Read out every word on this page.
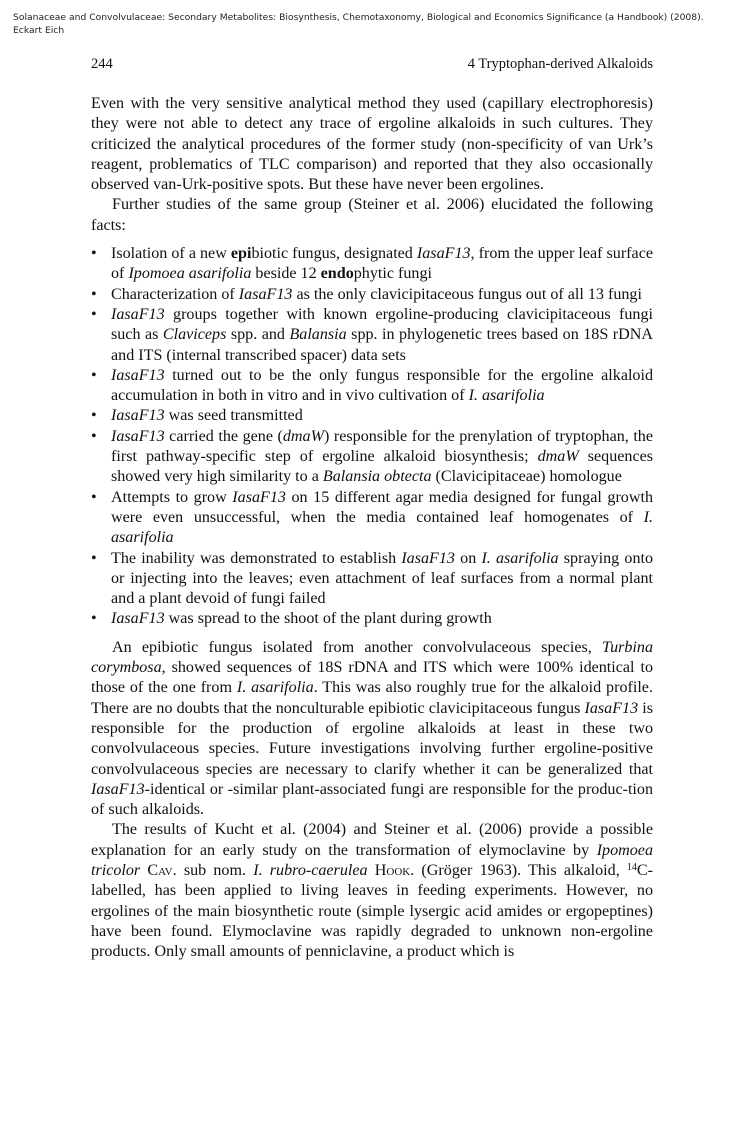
Solanaceae and Convolvulaceae: Secondary Metabolites: Biosynthesis, Chemotaxonomy, Biological and Economics Significance (a Handbook) (2008).
Eckart Eich
244	4 Tryptophan-derived Alkaloids

Even with the very sensitive analytical method they used (capillary electrophoresis) they were not able to detect any trace of ergoline alkaloids in such cultures. They criticized the analytical procedures of the former study (non-specificity of van Urk’s reagent, problematics of TLC comparison) and reported that they also occasionally observed van-Urk-positive spots. But these have never been ergolines.

Further studies of the same group (Steiner et al. 2006) elucidated the following facts:

• Isolation of a new epibiotic fungus, designated IasaF13, from the upper leaf surface of Ipomoea asarifolia beside 12 endophytic fungi
• Characterization of IasaF13 as the only clavicipitaceous fungus out of all 13 fungi
• IasaF13 groups together with known ergoline-producing clavicipitaceous fungi such as Claviceps spp. and Balansia spp. in phylogenetic trees based on 18S rDNA and ITS (internal transcribed spacer) data sets
• IasaF13 turned out to be the only fungus responsible for the ergoline alkaloid accumulation in both in vitro and in vivo cultivation of I. asarifolia
• IasaF13 was seed transmitted
• IasaF13 carried the gene (dmaW) responsible for the prenylation of tryptophan, the first pathway-specific step of ergoline alkaloid biosynthesis; dmaW sequences showed very high similarity to a Balansia obtecta (Clavicipitaceae) homologue
• Attempts to grow IasaF13 on 15 different agar media designed for fungal growth were even unsuccessful, when the media contained leaf homogenates of I. asarifolia
• The inability was demonstrated to establish IasaF13 on I. asarifolia spraying onto or injecting into the leaves; even attachment of leaf surfaces from a normal plant and a plant devoid of fungi failed
• IasaF13 was spread to the shoot of the plant during growth

An epibiotic fungus isolated from another convolvulaceous species, Turbina corymbosa, showed sequences of 18S rDNA and ITS which were 100% identical to those of the one from I. asarifolia. This was also roughly true for the alkaloid profile. There are no doubts that the nonculturable epibiotic clavicipitaceous fungus IasaF13 is responsible for the production of ergoline alkaloids at least in these two convolvulaceous species. Future investigations involving further ergoline-positive convolvulaceous species are necessary to clarify whether it can be generalized that IasaF13-identical or -similar plant-associated fungi are responsible for the produc-tion of such alkaloids.

The results of Kucht et al. (2004) and Steiner et al. (2006) provide a possible explanation for an early study on the transformation of elymoclavine by Ipomoea tricolor Cav. sub nom. I. rubro-caerulea Hook. (Gröger 1963). This alkaloid, $^{14}$C-labelled, has been applied to living leaves in feeding experiments. However, no ergolines of the main biosynthetic route (simple lysergic acid amides or ergopeptines) have been found. Elymoclavine was rapidly degraded to unknown non-ergoline products. Only small amounts of penniclavine, a product which is
